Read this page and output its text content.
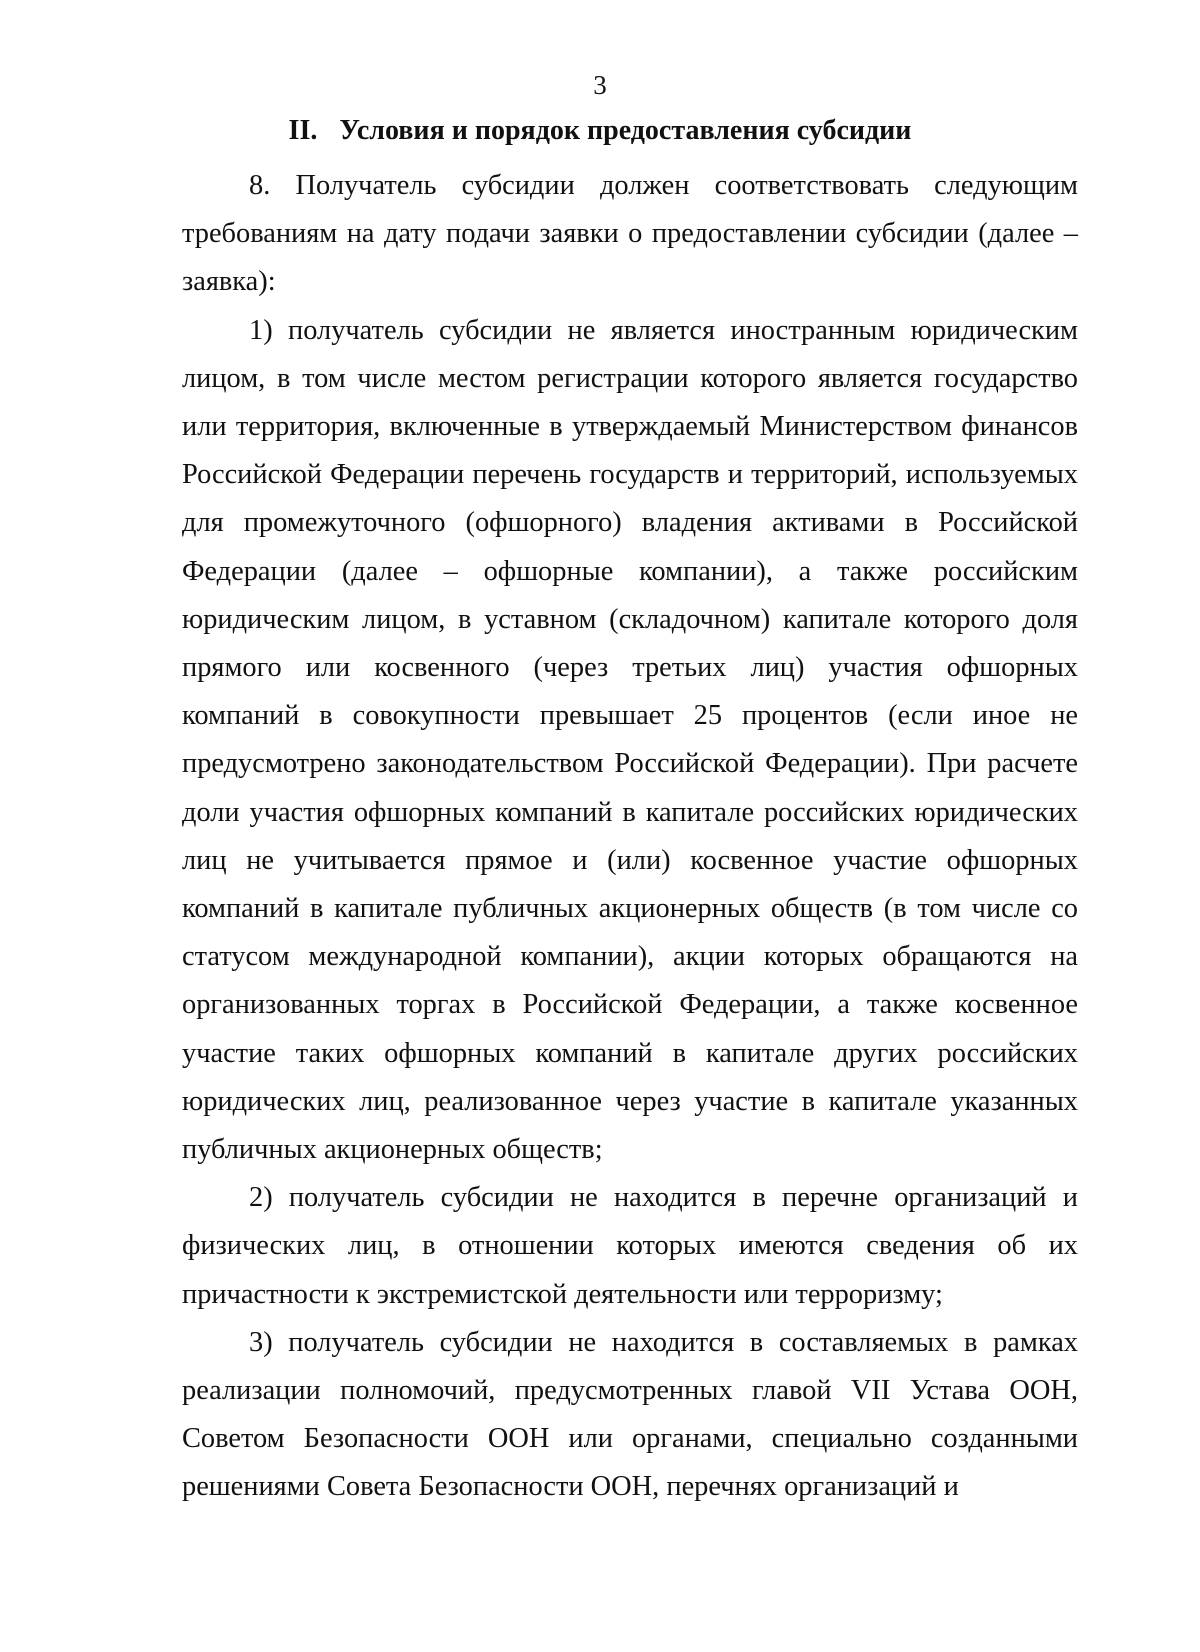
3
II. Условия и порядок предоставления субсидии

8. Получатель субсидии должен соответствовать следующим требованиям на дату подачи заявки о предоставлении субсидии (далее – заявка):

1) получатель субсидии не является иностранным юридическим лицом, в том числе местом регистрации которого является государство или территория, включенные в утверждаемый Министерством финансов Российской Федерации перечень государств и территорий, используемых для промежуточного (офшорного) владения активами в Российской Федерации (далее – офшорные компании), а также российским юридическим лицом, в уставном (складочном) капитале которого доля прямого или косвенного (через третьих лиц) участия офшорных компаний в совокупности превышает 25 процентов (если иное не предусмотрено законодательством Российской Федерации). При расчете доли участия офшорных компаний в капитале российских юридических лиц не учитывается прямое и (или) косвенное участие офшорных компаний в капитале публичных акционерных обществ (в том числе со статусом международной компании), акции которых обращаются на организованных торгах в Российской Федерации, а также косвенное участие таких офшорных компаний в капитале других российских юридических лиц, реализованное через участие в капитале указанных публичных акционерных обществ;

2) получатель субсидии не находится в перечне организаций и физических лиц, в отношении которых имеются сведения об их причастности к экстремистской деятельности или терроризму;

3) получатель субсидии не находится в составляемых в рамках реализации полномочий, предусмотренных главой VII Устава ООН, Советом Безопасности ООН или органами, специально созданными решениями Совета Безопасности ООН, перечнях организаций и
